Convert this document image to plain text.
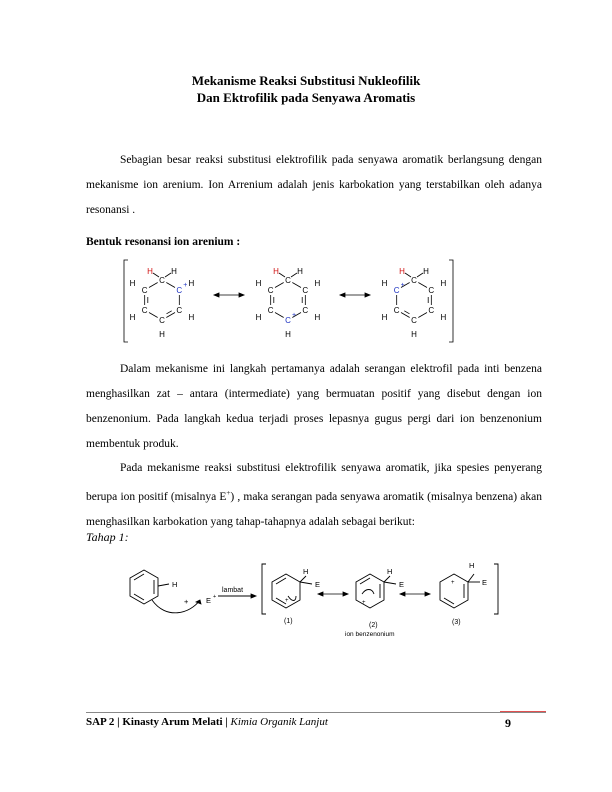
Mekanisme Reaksi Substitusi Nukleofilik
Dan Ektrofilik pada Senyawa Aromatis
Sebagian besar reaksi substitusi elektrofilik pada senyawa aromatik berlangsung dengan mekanisme ion arenium. Ion Arrenium adalah jenis karbokation yang terstabilkan oleh adanya resonansi .
Bentuk resonansi ion arenium :
C
H H
C
+ H
C
H
C
H
C
H
C
H	C
H H
C
H
C
H
C
+
H
C
H
C
H	C
H H
C
H
C
H
C
H
C
H
C
+
H
Dalam mekanisme ini langkah pertamanya adalah serangan elektrofil pada inti benzena menghasilkan zat – antara (intermediate) yang bermuatan positif yang disebut dengan ion benzenonium. Pada langkah kedua terjadi proses lepasnya gugus pergi dari ion benzenonium membentuk produk.
Pada mekanisme reaksi substitusi elektrofilik senyawa aromatik, jika spesies penyerang berupa ion positif (misalnya E+) , maka serangan pada senyawa aromatik (misalnya benzena) akan menghasilkan karbokation yang tahap-tahapnya adalah sebagai berikut:
Tahap 1:
H
+ E +
lambat
H
E
+
H
E
+
H
E
+
(1)
(2)	(3)
ion benzenonium
SAP 2 | Kinasty Arum Melati | Kimia Organik Lanjut	9
